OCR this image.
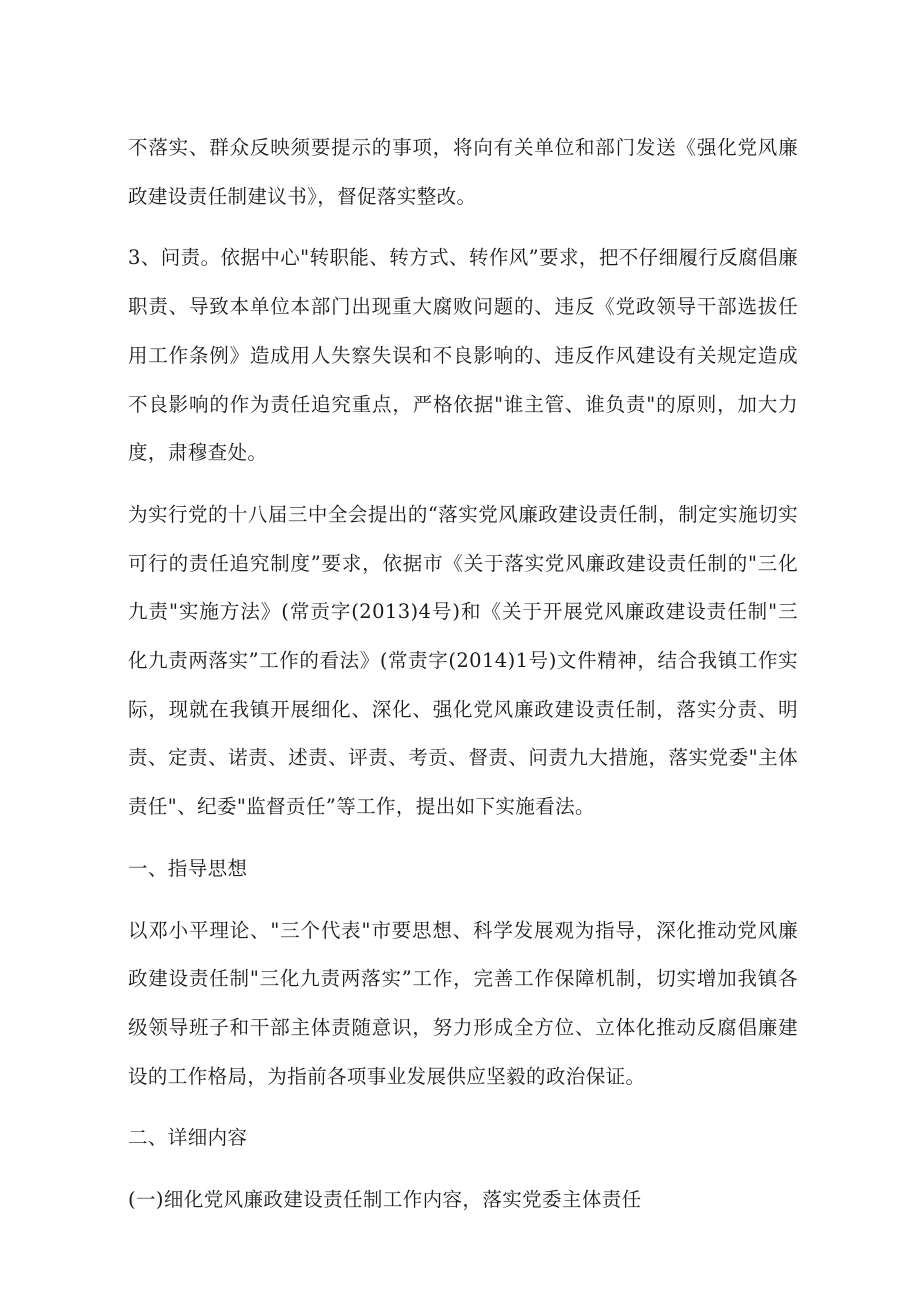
不落实、群众反映须要提示的事项，将向有关单位和部门发送《强化党风廉政建设责任制建议书》，督促落实整改。

3、问责。依据中心"转职能、转方式、转作风”要求，把不仔细履行反腐倡廉职责、导致本单位本部门出现重大腐败问题的、违反《党政领导干部选拔任用工作条例》造成用人失察失误和不良影响的、违反作风建设有关规定造成不良影响的作为责任追究重点，严格依据"谁主管、谁负责"的原则，加大力度，肃穆查处。

为实行党的十八届三中全会提出的“落实党风廉政建设责任制，制定实施切实可行的责任追究制度”要求，依据市《关于落实党风廉政建设责任制的"三化九责"实施方法》(常贡字(2013)4号)和《关于开展党风廉政建设责任制"三化九责两落实”工作的看法》(常责字(2014)1号)文件精神，结合我镇工作实际，现就在我镇开展细化、深化、强化党风廉政建设责任制，落实分责、明责、定责、诺责、述责、评责、考贡、督责、问责九大措施，落实党委"主体责任"、纪委"监督贡任”等工作，提出如下实施看法。

一、指导思想

以邓小平理论、"三个代表"市要思想、科学发展观为指导，深化推动党风廉政建设责任制"三化九责两落实”工作，完善工作保障机制，切实增加我镇各级领导班子和干部主体责随意识，努力形成全方位、立体化推动反腐倡廉建设的工作格局，为指前各项事业发展供应坚毅的政治保证。

二、详细内容

(一)细化党风廉政建设责任制工作内容，落实党委主体责任
